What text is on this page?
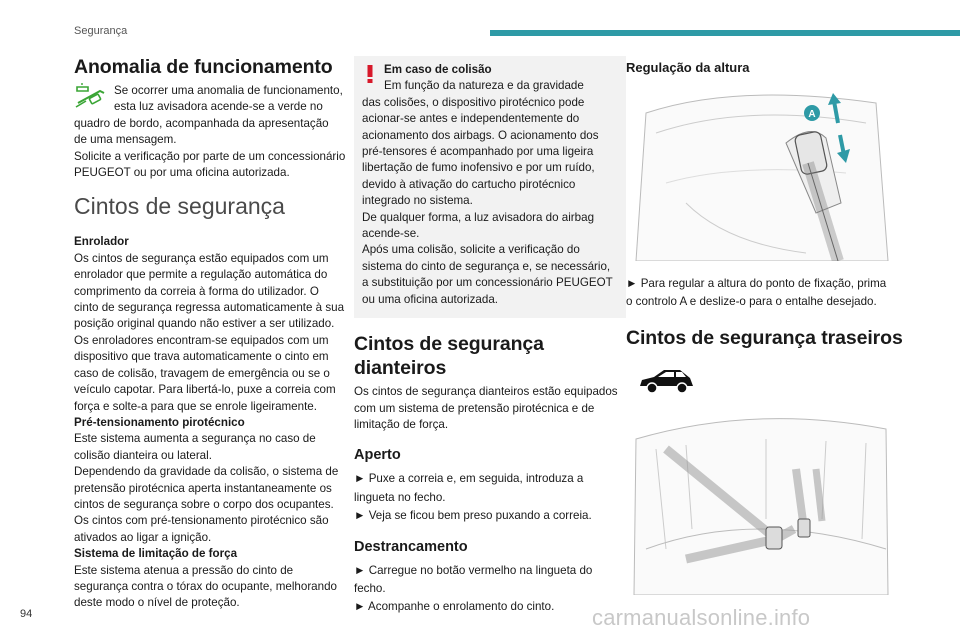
Segurança
Anomalia de funcionamento
Se ocorrer uma anomalia de funcionamento,
esta luz avisadora acende-se a verde no
quadro de bordo, acompanhada da apresentação
de uma mensagem.
Solicite a verificação por parte de um concessionário
PEUGEOT ou por uma oficina autorizada.
Cintos de segurança
Enrolador
Os cintos de segurança estão equipados com um
enrolador que permite a regulação automática do
comprimento da correia à forma do utilizador. O
cinto de segurança regressa automaticamente à sua
posição original quando não estiver a ser utilizado.
Os enroladores encontram-se equipados com um
dispositivo que trava automaticamente o cinto em
caso de colisão, travagem de emergência ou se o
veículo capotar. Para libertá-lo, puxe a correia com
força e solte-a para que se enrole ligeiramente.
Pré-tensionamento pirotécnico
Este sistema aumenta a segurança no caso de
colisão dianteira ou lateral.
Dependendo da gravidade da colisão, o sistema de
pretensão pirotécnica aperta instantaneamente os
cintos de segurança sobre o corpo dos ocupantes.
Os cintos com pré-tensionamento pirotécnico são
ativados ao ligar a ignição.
Sistema de limitação de força
Este sistema atenua a pressão do cinto de
segurança contra o tórax do ocupante, melhorando
deste modo o nível de proteção.
Em caso de colisão
Em função da natureza e da gravidade
das colisões, o dispositivo pirotécnico pode
acionar-se antes e independentemente do
acionamento dos airbags. O acionamento dos
pré-tensores é acompanhado por uma ligeira
libertação de fumo inofensivo e por um ruído,
devido à ativação do cartucho pirotécnico
integrado no sistema.
De qualquer forma, a luz avisadora do airbag
acende-se.
Após uma colisão, solicite a verificação do
sistema do cinto de segurança e, se necessário,
a substituição por um concessionário PEUGEOT
ou uma oficina autorizada.
Cintos de segurança
dianteiros
Os cintos de segurança dianteiros estão equipados
com um sistema de pretensão pirotécnica e de
limitação de força.
Aperto
► Puxe a correia e, em seguida, introduza a
lingueta no fecho.
► Veja se ficou bem preso puxando a correia.
Destrancamento
► Carregue no botão vermelho na lingueta do
fecho.
► Acompanhe o enrolamento do cinto.
Regulação da altura
A
► Para regular a altura do ponto de fixação, prima
o controlo A e deslize-o para o entalhe desejado.
Cintos de segurança traseiros

94	carmanualsonline.info
